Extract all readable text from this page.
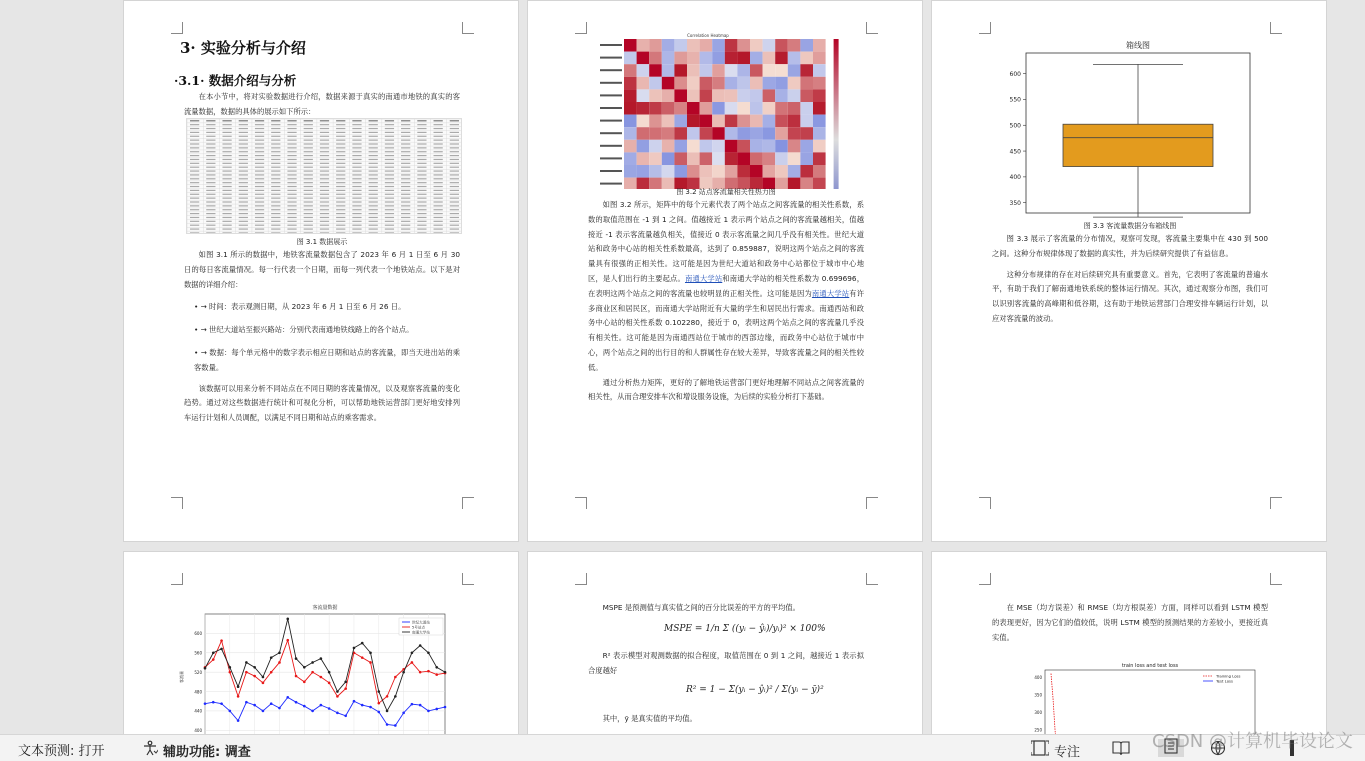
3· 实验分析与介绍
·3.1· 数据介绍与分析

在本小节中，将对实验数据进行介绍，数据来源于真实的南通市地铁的真实的客流量数据，数据的具体的展示如下所示：

图 3.1 数据展示

如图 3.1 所示的数据中，地铁客流量数据包含了 2023 年 6 月 1 日至 6 月 30 日的每日客流量情况。每一行代表一个日期，而每一列代表一个地铁站点。以下是对数据的详细介绍：

• → 时间：表示观测日期，从 2023 年 6 月 1 日至 6 月 26 日。
• → 世纪大道站至振兴路站：分别代表南通地铁线路上的各个站点。
• → 数据：每个单元格中的数字表示相应日期和站点的客流量，即当天进出站的乘客数量。

该数据可以用来分析不同站点在不同日期的客流量情况，以及观察客流量的变化趋势。通过对这些数据进行统计和可视化分析，可以帮助地铁运营部门更好地安排列车运行计划和人员调配，以满足不同日期和站点的乘客需求。

Correlation Heatmap
图 3.2 站点客流量相关性热力图

如图 3.2 所示，矩阵中的每个元素代表了两个站点之间客流量的相关性系数，系数的取值范围在 -1 到 1 之间。值越接近 1 表示两个站点之间的客流量越相关，值越接近 -1 表示客流量越负相关，值接近 0 表示客流量之间几乎没有相关性。世纪大道站和政务中心站的相关性系数最高，达到了 0.859887，说明这两个站点之间的客流量具有很强的正相关性。这可能是因为世纪大道站和政务中心站都位于城市中心地区，是人们出行的主要起点。南通大学站和南通大学站的相关性系数为 0.699696，在表明这两个站点之间的客流量也较明显的正相关性。这可能是因为南通大学站有许多商业区和居民区，而南通大学站附近有大量的学生和居民出行需求。南通西站和政务中心站的相关性系数 0.102280，接近于 0，表明这两个站点之间的客流量几乎没有相关性。这可能是因为南通西站位于城市的西部边缘，而政务中心站位于城市中心，两个站点之间的出行目的和人群属性存在较大差异，导致客流量之间的相关性较低。

通过分析热力矩阵，更好的了解地铁运营部门更好地理解不同站点之间客流量的相关性，从而合理安排车次和增设服务设施，为后续的实验分析打下基础。

箱线图
350
400
450
500
550
600
图 3.3 客流量数据分布箱线图

图 3.3 展示了客流量的分布情况，观察可发现，客流量主要集中在 430 到 500 之间。这种分布规律体现了数据的真实性，并为后续研究提供了有益信息。

这种分布规律的存在对后续研究具有重要意义。首先，它表明了客流量的普遍水平，有助于我们了解南通地铁系统的整体运行情况。其次，通过观察分布图，我们可以识别客流量的高峰期和低谷期，这有助于地铁运营部门合理安排车辆运行计划，以应对客流量的波动。

客流量数据
400
440
480
520
560
600
客流量
世纪大道站
5号站点
南通大学站

MSPE 是预测值与真实值之间的百分比误差的平方的平均值。

MSPE = 1/n Σ ((yᵢ − ŷᵢ)/yᵢ)² × 100%

R² 表示模型对观测数据的拟合程度，取值范围在 0 到 1 之间，越接近 1 表示拟合度越好

R² = 1 − Σ(yᵢ − ŷᵢ)² / Σ(yᵢ − ȳ)²

其中，ȳ 是真实值的平均值。

在 MSE（均方误差）和 RMSE（均方根误差）方面，同样可以看到 LSTM 模型的表现更好，因为它们的值较低，说明 LSTM 模型的预测结果的方差较小，更接近真实值。

train loss and test loss
250
300
350
400	Training Loss
Test Loss
文本预测: 打开	辅助功能: 调查	专注	CSDN @计算机毕设论文
